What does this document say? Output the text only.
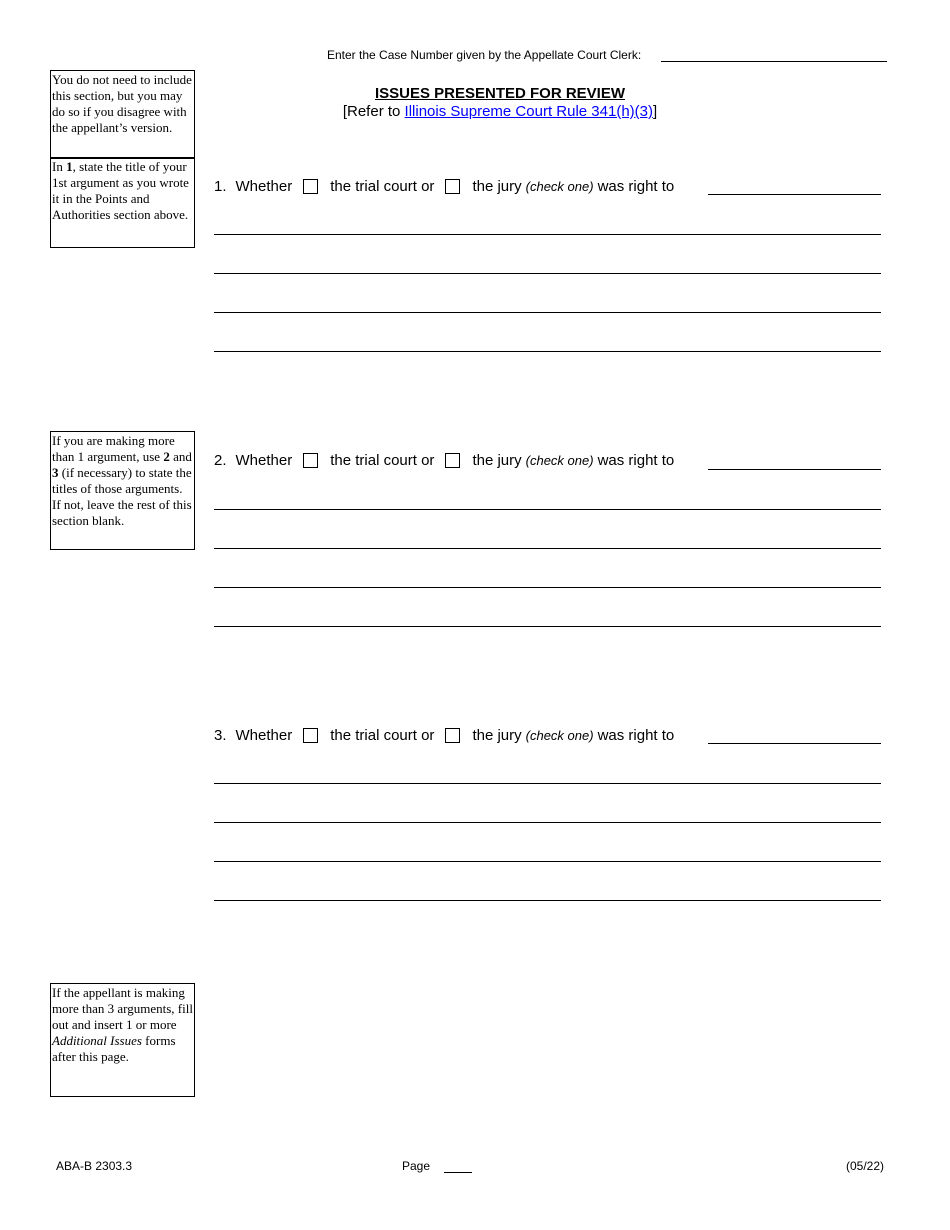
Enter the Case Number given by the Appellate Court Clerk:
ISSUES PRESENTED FOR REVIEW
[Refer to Illinois Supreme Court Rule 341(h)(3)]
You do not need to include this section, but you may do so if you disagree with the appellant’s version.
In 1, state the title of your 1st argument as you wrote it in the Points and Authorities section above.
If you are making more than 1 argument, use 2 and 3 (if necessary) to state the titles of those arguments. If not, leave the rest of this section blank.
If the appellant is making more than 3 arguments, fill out and insert 1 or more Additional Issues forms after this page.
1. Whether	the trial court or	the jury (check one) was right to
2. Whether	the trial court or	the jury (check one) was right to
3. Whether	the trial court or	the jury (check one) was right to
ABA-B 2303.3	Page	(05/22)
